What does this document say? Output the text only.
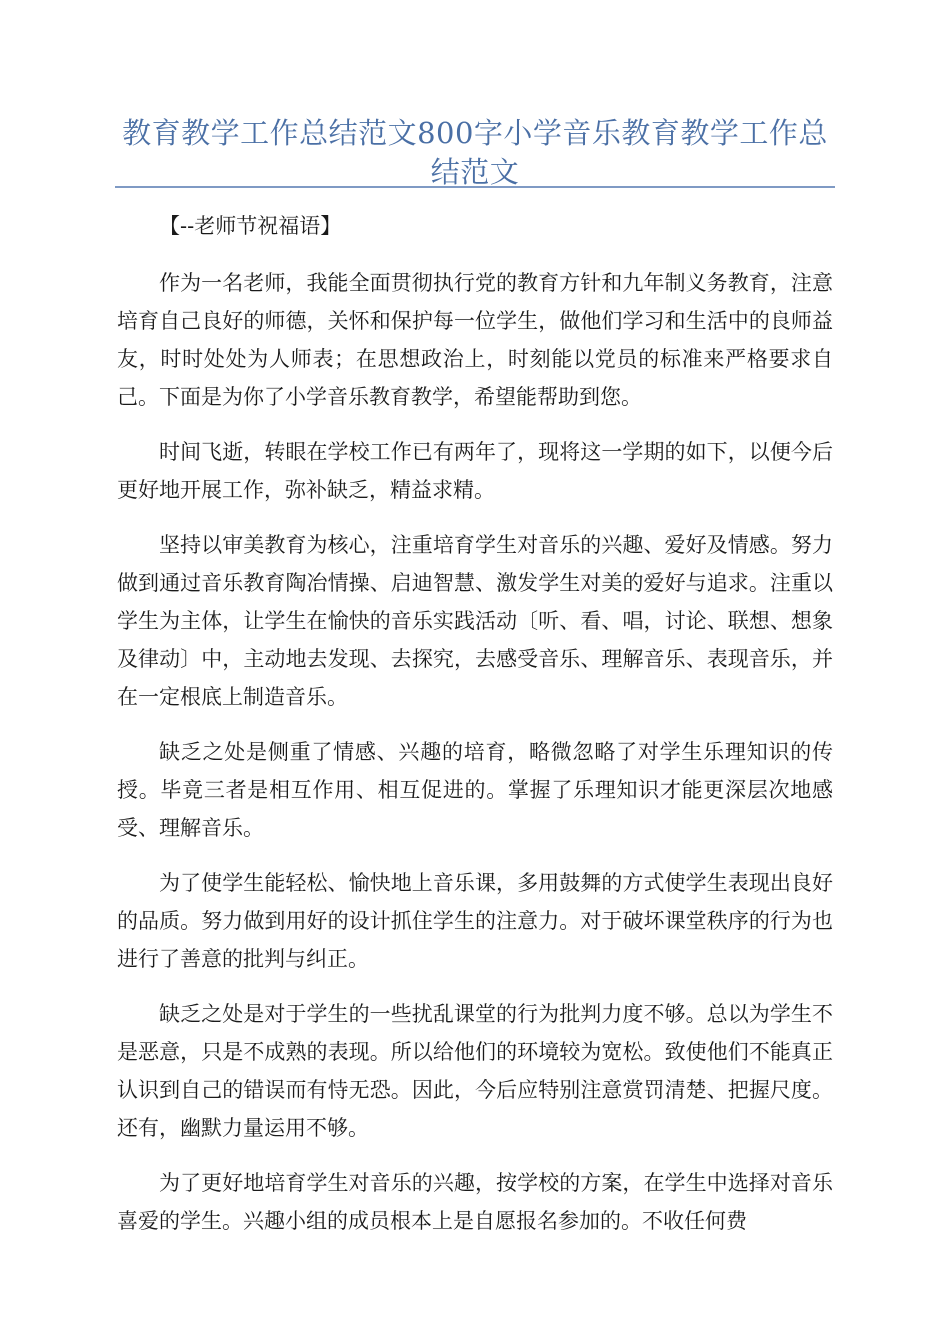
教育教学工作总结范文800字小学音乐教育教学工作总结范文

【--老师节祝福语】

作为一名老师，我能全面贯彻执行党的教育方针和九年制义务教育，注意培育自己良好的师德，关怀和保护每一位学生，做他们学习和生活中的良师益友，时时处处为人师表；在思想政治上，时刻能以党员的标准来严格要求自己。下面是为你了小学音乐教育教学，希望能帮助到您。

时间飞逝，转眼在学校工作已有两年了，现将这一学期的如下，以便今后更好地开展工作，弥补缺乏，精益求精。

坚持以审美教育为核心，注重培育学生对音乐的兴趣、爱好及情感。努力做到通过音乐教育陶冶情操、启迪智慧、激发学生对美的爱好与追求。注重以学生为主体，让学生在愉快的音乐实践活动〔听、看、唱，讨论、联想、想象及律动〕中，主动地去发现、去探究，去感受音乐、理解音乐、表现音乐，并在一定根底上制造音乐。

缺乏之处是侧重了情感、兴趣的培育，略微忽略了对学生乐理知识的传授。毕竟三者是相互作用、相互促进的。掌握了乐理知识才能更深层次地感受、理解音乐。

为了使学生能轻松、愉快地上音乐课，多用鼓舞的方式使学生表现出良好的品质。努力做到用好的设计抓住学生的注意力。对于破坏课堂秩序的行为也进行了善意的批判与纠正。

缺乏之处是对于学生的一些扰乱课堂的行为批判力度不够。总以为学生不是恶意，只是不成熟的表现。所以给他们的环境较为宽松。致使他们不能真正认识到自己的错误而有恃无恐。因此，今后应特别注意赏罚清楚、把握尺度。还有，幽默力量运用不够。

为了更好地培育学生对音乐的兴趣，按学校的方案，在学生中选择对音乐喜爱的学生。兴趣小组的成员根本上是自愿报名参加的。不收任何费
